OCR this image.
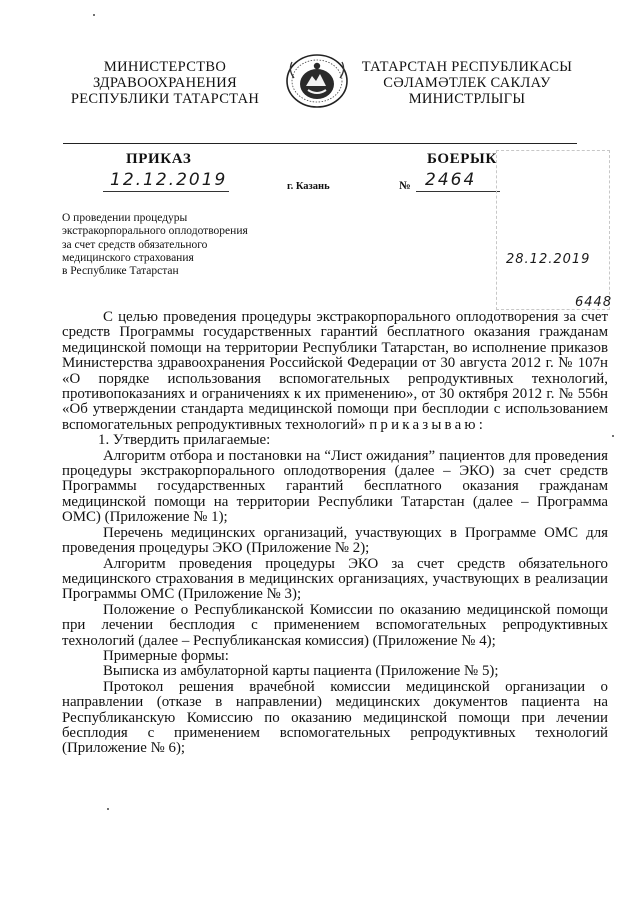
МИНИСТЕРСТВО
ЗДРАВООХРАНЕНИЯ
РЕСПУБЛИКИ ТАТАРСТАН
ТАТАРСТАН РЕСПУБЛИКАСЫ
СӘЛАМӘТЛЕК САКЛАУ
МИНИСТРЛЫГЫ
ПРИКАЗ	БОЕРЫК
12.12.2019	г. Казань	№ 2464
О проведении процедуры
экстракорпорального оплодотворения
за счет средств обязательного
медицинского страхования
в Республике Татарстан
28.12.2019
6448

С целью проведения процедуры экстракорпорального оплодотворения за счет средств Программы государственных гарантий бесплатного оказания гражданам медицинской помощи на территории Республики Татарстан, во исполнение приказов Министерства здравоохранения Российской Федерации от 30 августа 2012 г. № 107н «О порядке использования вспомогательных репродуктивных технологий, противопоказаниях и ограничениях к их применению», от 30 октября 2012 г. № 556н «Об утверждении стандарта медицинской помощи при бесплодии с использованием вспомогательных репродуктивных технологий» приказываю:

1. Утвердить прилагаемые:

Алгоритм отбора и постановки на “Лист ожидания” пациентов для проведения процедуры экстракорпорального оплодотворения (далее – ЭКО) за счет средств Программы государственных гарантий бесплатного оказания гражданам медицинской помощи на территории Республики Татарстан (далее – Программа ОМС) (Приложение № 1);

Перечень медицинских организаций, участвующих в Программе ОМС для проведения процедуры ЭКО (Приложение № 2);

Алгоритм проведения процедуры ЭКО за счет средств обязательного медицинского страхования в медицинских организациях, участвующих в реализации Программы ОМС (Приложение № 3);

Положение о Республиканской Комиссии по оказанию медицинской помощи при лечении бесплодия с применением вспомогательных репродуктивных технологий (далее – Республиканская комиссия) (Приложение № 4);

Примерные формы:

Выписка из амбулаторной карты пациента (Приложение № 5);

Протокол решения врачебной комиссии медицинской организации о направлении (отказе в направлении) медицинских документов пациента на Республиканскую Комиссию по оказанию медицинской помощи при лечении бесплодия с применением вспомогательных репродуктивных технологий (Приложение № 6);
